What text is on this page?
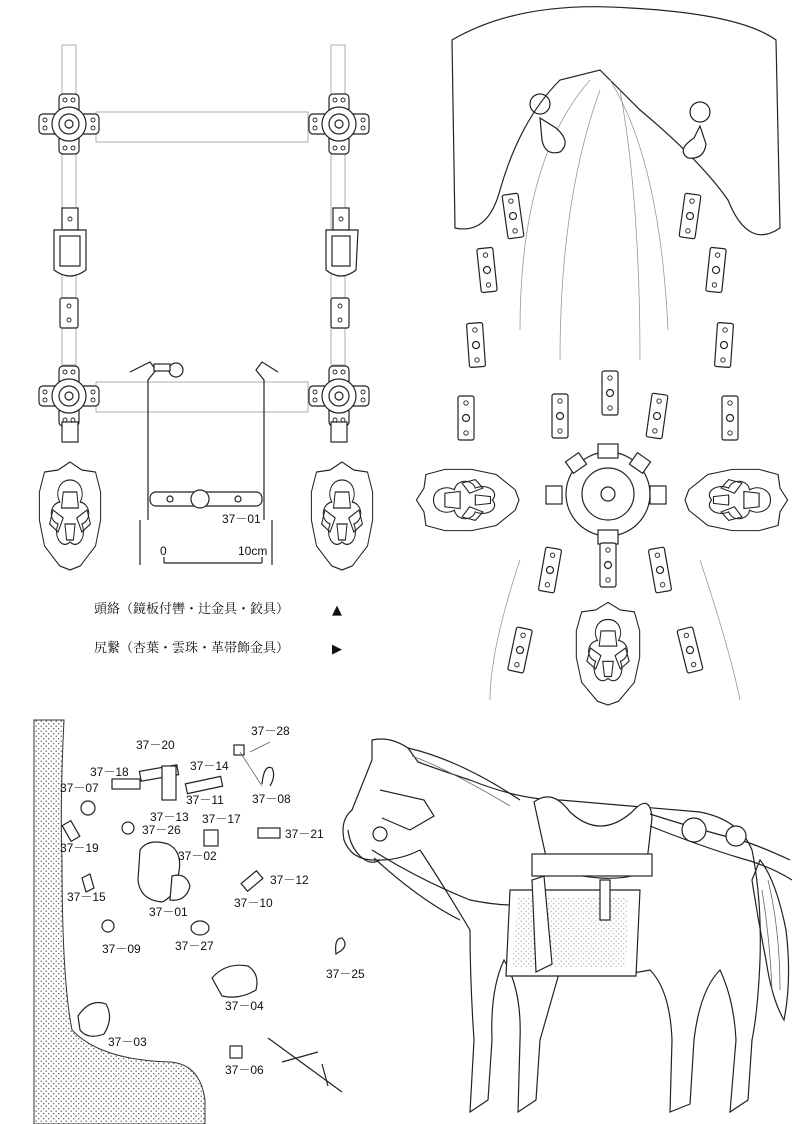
37－01
0	10cm
頭絡（鏡板付轡・辻金具・鉸具）	▲
尻繋（杏葉・雲珠・革帯飾金具）	▶
37－28
37－20
37－14
37－18
37－07
37－11 37－08
37－13
37－26
37－17
37－21
37－19
37－02
37－12
37－15	37－10
37－01
37－09	37－27
37－25
37－04
37－03
37－06
